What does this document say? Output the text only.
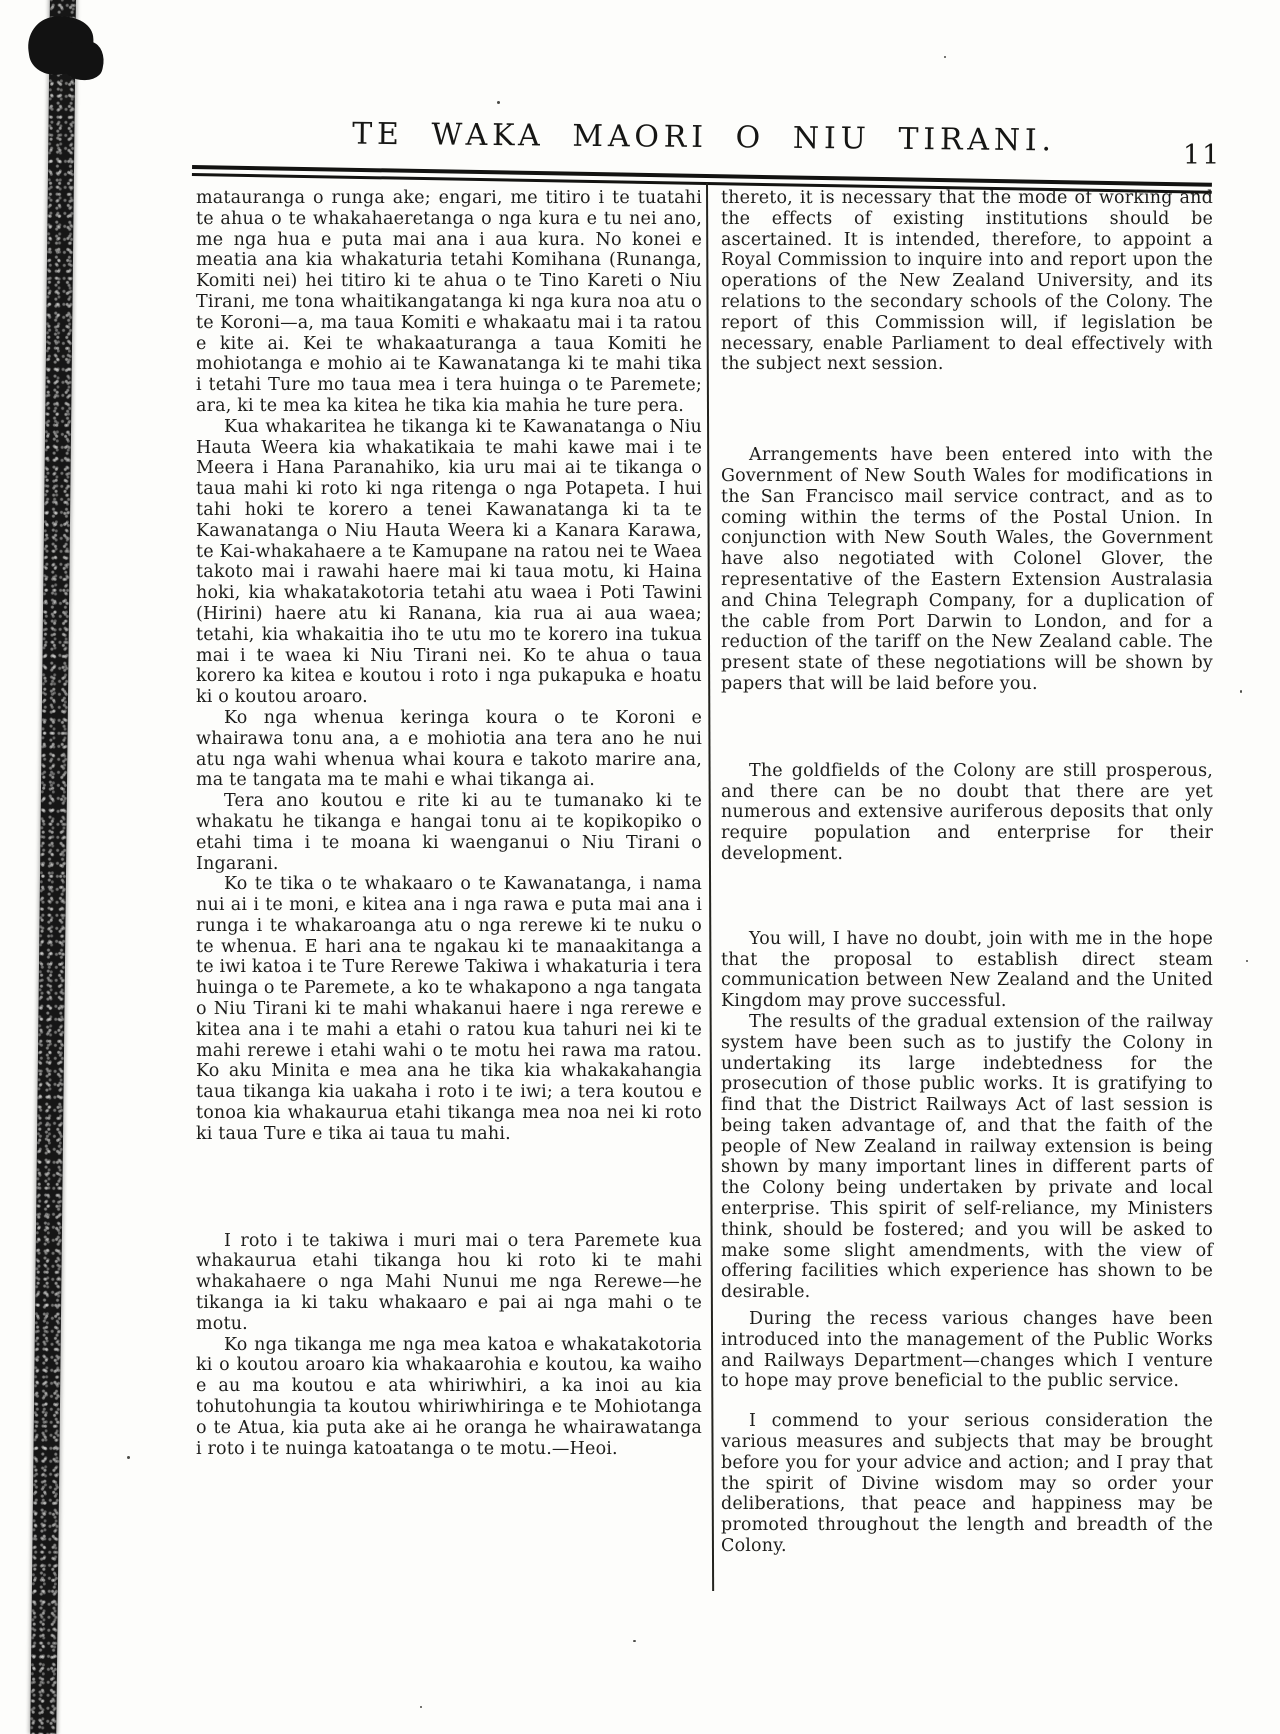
TE WAKA MAORI O NIU TIRANI.	11

matauranga o runga ake; engari, me titiro i te tuatahi te ahua o te whakahaeretanga o nga kura e tu nei ano, me nga hua e puta mai ana i aua kura. No konei e meatia ana kia whakaturia tetahi Komihana (Runanga, Komiti nei) hei titiro ki te ahua o te Tino Kareti o Niu Tirani, me tona whaitikangatanga ki nga kura noa atu o te Koroni—a, ma taua Komiti e whakaatu mai i ta ratou e kite ai. Kei te whakaaturanga a taua Komiti he mohiotanga e mohio ai te Kawanatanga ki te mahi tika i tetahi Ture mo taua mea i tera huinga o te Paremete; ara, ki te mea ka kitea he tika kia mahia he ture pera.

Kua whakaritea he tikanga ki te Kawanatanga o Niu Hauta Weera kia whakatikaia te mahi kawe mai i te Meera i Hana Paranahiko, kia uru mai ai te tikanga o taua mahi ki roto ki nga ritenga o nga Potapeta. I hui tahi hoki te korero a tenei Kawanatanga ki ta te Kawanatanga o Niu Hauta Weera ki a Kanara Karawa, te Kai-whakahaere a te Kamupane na ratou nei te Waea takoto mai i rawahi haere mai ki taua motu, ki Haina hoki, kia whakatakotoria tetahi atu waea i Poti Tawini (Hirini) haere atu ki Ranana, kia rua ai aua waea; tetahi, kia whakaitia iho te utu mo te korero ina tukua mai i te waea ki Niu Tirani nei. Ko te ahua o taua korero ka kitea e koutou i roto i nga pukapuka e hoatu ki o koutou aroaro.

Ko nga whenua keringa koura o te Koroni e whairawa tonu ana, a e mohiotia ana tera ano he nui atu nga wahi whenua whai koura e takoto marire ana, ma te tangata ma te mahi e whai tikanga ai.

Tera ano koutou e rite ki au te tumanako ki te whakatu he tikanga e hangai tonu ai te kopikopiko o etahi tima i te moana ki waenganui o Niu Tirani o Ingarani.

Ko te tika o te whakaaro o te Kawanatanga, i nama nui ai i te moni, e kitea ana i nga rawa e puta mai ana i runga i te whakaroanga atu o nga rerewe ki te nuku o te whenua. E hari ana te ngakau ki te manaakitanga a te iwi katoa i te Ture Rerewe Takiwa i whakaturia i tera huinga o te Paremete, a ko te whakapono a nga tangata o Niu Tirani ki te mahi whakanui haere i nga rerewe e kitea ana i te mahi a etahi o ratou kua tahuri nei ki te mahi rerewe i etahi wahi o te motu hei rawa ma ratou. Ko aku Minita e mea ana he tika kia whakakahangia taua tikanga kia uakaha i roto i te iwi; a tera koutou e tonoa kia whakaurua etahi tikanga mea noa nei ki roto ki taua Ture e tika ai taua tu mahi.

I roto i te takiwa i muri mai o tera Paremete kua whakaurua etahi tikanga hou ki roto ki te mahi whakahaere o nga Mahi Nunui me nga Rerewe—he tikanga ia ki taku whakaaro e pai ai nga mahi o te motu.

Ko nga tikanga me nga mea katoa e whakatakotoria ki o koutou aroaro kia whakaarohia e koutou, ka waiho e au ma koutou e ata whiriwhiri, a ka inoi au kia tohutohungia ta koutou whiriwhiringa e te Mohiotanga o te Atua, kia puta ake ai he oranga he whairawatanga i roto i te nuinga katoatanga o te motu.—Heoi.

thereto, it is necessary that the mode of working and the effects of existing institutions should be ascertained. It is intended, therefore, to appoint a Royal Commission to inquire into and report upon the operations of the New Zealand University, and its relations to the secondary schools of the Colony. The report of this Commission will, if legislation be necessary, enable Parliament to deal effectively with the subject next session.

Arrangements have been entered into with the Government of New South Wales for modifications in the San Francisco mail service contract, and as to coming within the terms of the Postal Union. In conjunction with New South Wales, the Government have also negotiated with Colonel Glover, the representative of the Eastern Extension Australasia and China Telegraph Company, for a duplication of the cable from Port Darwin to London, and for a reduction of the tariff on the New Zealand cable. The present state of these negotiations will be shown by papers that will be laid before you.

The goldfields of the Colony are still prosperous, and there can be no doubt that there are yet numerous and extensive auriferous deposits that only require population and enterprise for their development.

You will, I have no doubt, join with me in the hope that the proposal to establish direct steam communication between New Zealand and the United Kingdom may prove successful.

The results of the gradual extension of the railway system have been such as to justify the Colony in undertaking its large indebtedness for the prosecution of those public works. It is gratifying to find that the District Railways Act of last session is being taken advantage of, and that the faith of the people of New Zealand in railway extension is being shown by many important lines in different parts of the Colony being undertaken by private and local enterprise. This spirit of self-reliance, my Ministers think, should be fostered; and you will be asked to make some slight amendments, with the view of offering facilities which experience has shown to be desirable.

During the recess various changes have been introduced into the management of the Public Works and Railways Department—changes which I venture to hope may prove beneficial to the public service.

I commend to your serious consideration the various measures and subjects that may be brought before you for your advice and action; and I pray that the spirit of Divine wisdom may so order your deliberations, that peace and happiness may be promoted throughout the length and breadth of the Colony.
